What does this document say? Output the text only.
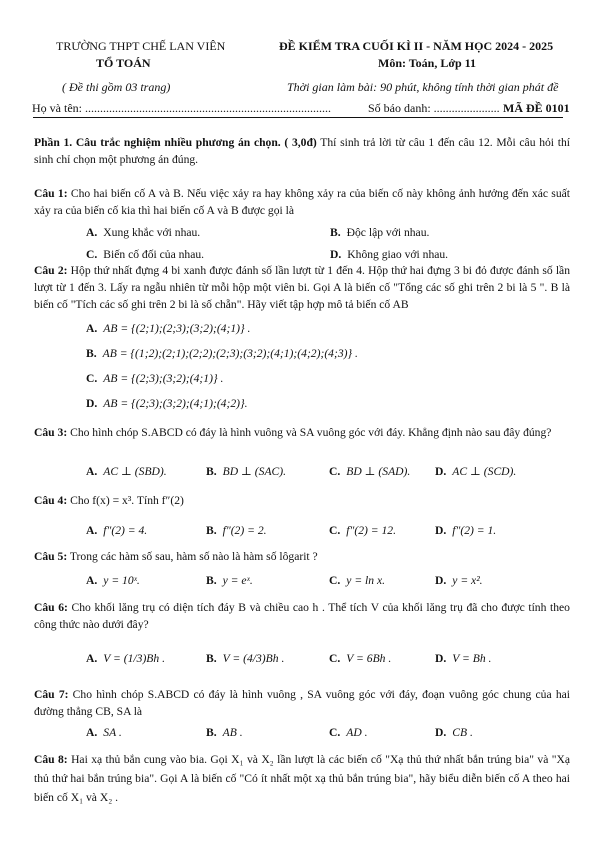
TRƯỜNG THPT CHẾ LAN VIÊN
TỔ TOÁN
( Đề thi gồm 03 trang)
Họ và tên: ..................................................................................
ĐỀ KIỂM TRA CUỐI KÌ II - NĂM HỌC 2024 - 2025
Môn: Toán, Lớp 11
Thời gian làm bài: 90 phút, không tính thời gian phát đề
Số báo danh: ...................... MÃ ĐỀ 0101
Phần 1. Câu trắc nghiệm nhiều phương án chọn. ( 3,0đ) Thí sinh trả lời từ câu 1 đến câu 12. Mỗi câu hỏi thí sinh chỉ chọn một phương án đúng.
Câu 1: Cho hai biến cố A và B. Nếu việc xảy ra hay không xảy ra của biến cố này không ảnh hưởng đến xác suất xảy ra của biến cố kia thì hai biến cố A và B được gọi là
A. Xung khắc với nhau.	B. Độc lập với nhau.
C. Biến cố đối của nhau.	D. Không giao với nhau.
Câu 2: Hộp thứ nhất đựng 4 bi xanh được đánh số lần lượt từ 1 đến 4. Hộp thứ hai đựng 3 bi đỏ được đánh số lần lượt từ 1 đến 3. Lấy ra ngẫu nhiên từ mỗi hộp một viên bi. Gọi A là biến cố "Tổng các số ghi trên 2 bi là 5 ". B là biến cố "Tích các số ghi trên 2 bi là số chẵn". Hãy viết tập hợp mô tả biến cố AB
A. AB = {(2;1);(2;3);(3;2);(4;1)} .
B. AB = {(1;2);(2;1);(2;2);(2;3);(3;2);(4;1);(4;2);(4;3)} .
C. AB = {(2;3);(3;2);(4;1)} .
D. AB = {(2;3);(3;2);(4;1);(4;2)}.
Câu 3: Cho hình chóp S.ABCD có đáy là hình vuông và SA vuông góc với đáy. Khẳng định nào sau đây đúng?
A. AC ⊥ (SBD).	B. BD ⊥ (SAC).	C. BD ⊥ (SAD). D. AC ⊥ (SCD).
Câu 4: Cho f(x) = x³. Tính f″(2)
A. f″(2) = 4.	B. f″(2) = 2.	C. f″(2) = 12.	D. f″(2) = 1.
Câu 5: Trong các hàm số sau, hàm số nào là hàm số lôgarit ?
A. y = 10ˣ.	B. y = eˣ.	C. y = ln x.	D. y = x².
Câu 6: Cho khối lăng trụ có diện tích đáy B và chiều cao h . Thể tích V của khối lăng trụ đã cho được tính theo công thức nào dưới đây?
A. V = (1/3)Bh .	B. V = (4/3)Bh .	C. V = 6Bh .	D. V = Bh .
Câu 7: Cho hình chóp S.ABCD có đáy là hình vuông , SA vuông góc với đáy, đoạn vuông góc chung của hai đường thẳng CB, SA là
A. SA .	B. AB .	C. AD .	D. CB .
Câu 8: Hai xạ thủ bắn cung vào bia. Gọi X₁ và X₂ lần lượt là các biến cố "Xạ thủ thứ nhất bắn trúng bia" và "Xạ thủ thứ hai bắn trúng bia". Gọi A là biến cố "Có ít nhất một xạ thủ bắn trúng bia", hãy biểu diễn biến cố A theo hai biến cố X₁ và X₂ .
